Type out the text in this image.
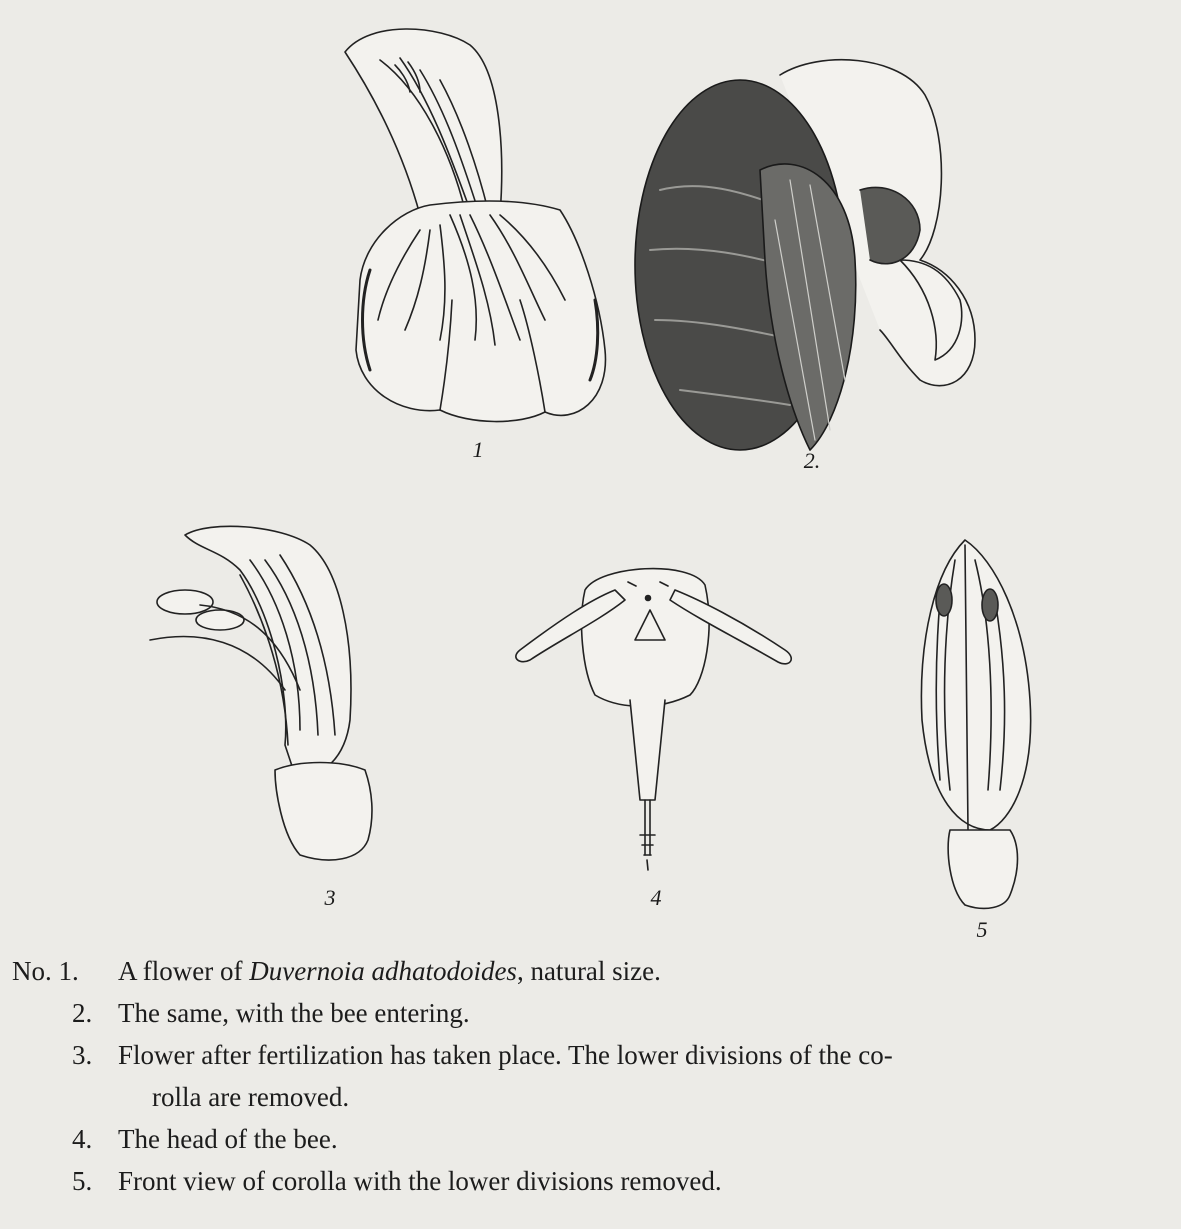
1	2.
3	4
5
No. 1. A flower of Duvernoia adhatodoides, natural size.
2. The same, with the bee entering.
3. Flower after fertilization has taken place. The lower divisions of the co-
rolla are removed.
4. The head of the bee.
5. Front view of corolla with the lower divisions removed.
